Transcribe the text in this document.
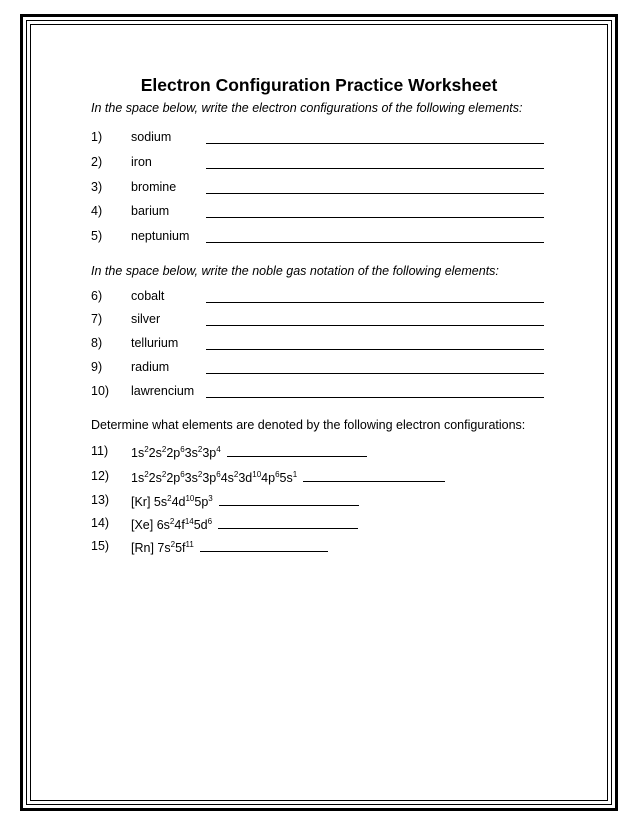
Electron Configuration Practice Worksheet

In the space below, write the electron configurations of the following elements:

1) sodium
2) iron
3) bromine
4) barium
5) neptunium

In the space below, write the noble gas notation of the following elements:

6) cobalt
7) silver
8) tellurium
9) radium
10) lawrencium

Determine what elements are denoted by the following electron configurations:

11) $1s^22s^22p^63s^23p^4$
12) $1s^22s^22p^63s^23p^64s^23d^{10}4p^65s^1$
13) [Kr] $5s^24d^{10}5p^3$
14) [Xe] $6s^24f^{14}5d^6$
15) [Rn] $7s^25f^{11}$
